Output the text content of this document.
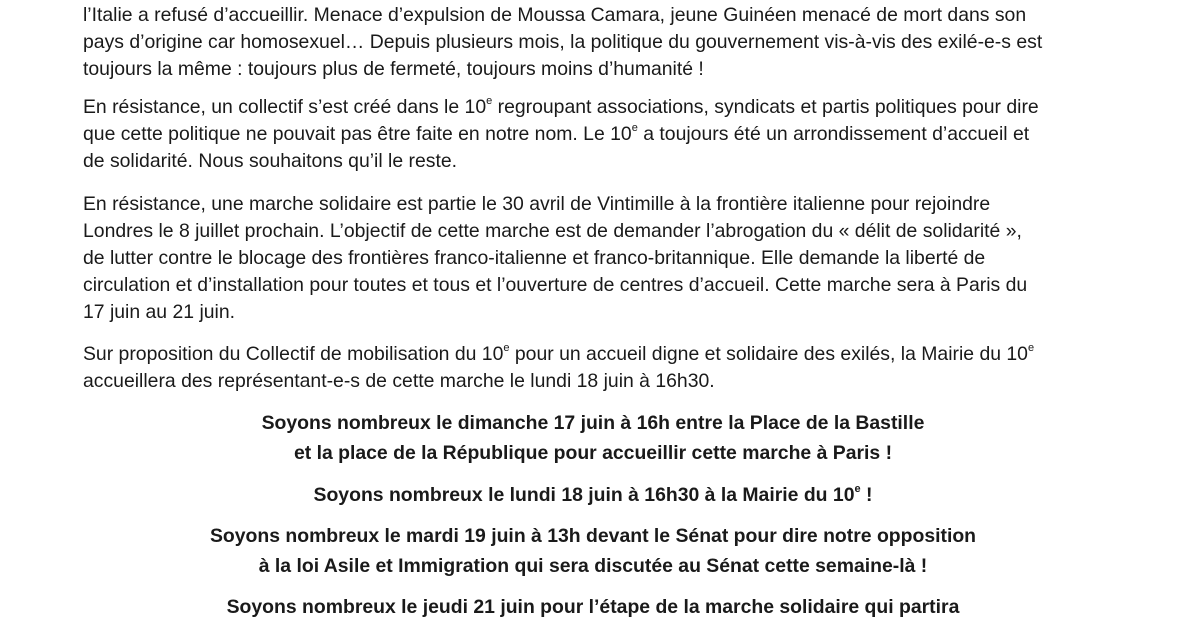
l’Italie a refusé d’accueillir. Menace d’expulsion de Moussa Camara, jeune Guinéen menacé de mort dans son
pays d’origine car homosexuel… Depuis plusieurs mois, la politique du gouvernement vis-à-vis des exilé-e-s est
toujours la même : toujours plus de fermeté, toujours moins d’humanité !
En résistance, un collectif s’est créé dans le 10e regroupant associations, syndicats et partis politiques pour dire
que cette politique ne pouvait pas être faite en notre nom. Le 10e a toujours été un arrondissement d’accueil et
de solidarité. Nous souhaitons qu’il le reste.
En résistance, une marche solidaire est partie le 30 avril de Vintimille à la frontière italienne pour rejoindre
Londres le 8 juillet prochain. L’objectif de cette marche est de demander l’abrogation du « délit de solidarité »,
de lutter contre le blocage des frontières franco-italienne et franco-britannique. Elle demande la liberté de
circulation et d’installation pour toutes et tous et l’ouverture de centres d’accueil. Cette marche sera à Paris du
17 juin au 21 juin.
Sur proposition du Collectif de mobilisation du 10e pour un accueil digne et solidaire des exilés, la Mairie du 10e
accueillera des représentant-e-s de cette marche le lundi 18 juin à 16h30.
Soyons nombreux le dimanche 17 juin à 16h entre la Place de la Bastille
et la place de la République pour accueillir cette marche à Paris !
Soyons nombreux le lundi 18 juin à 16h30 à la Mairie du 10e !
Soyons nombreux le mardi 19 juin à 13h devant le Sénat pour dire notre opposition
à la loi Asile et Immigration qui sera discutée au Sénat cette semaine-là !
Soyons nombreux le jeudi 21 juin pour l’étape de la marche solidaire qui partira
